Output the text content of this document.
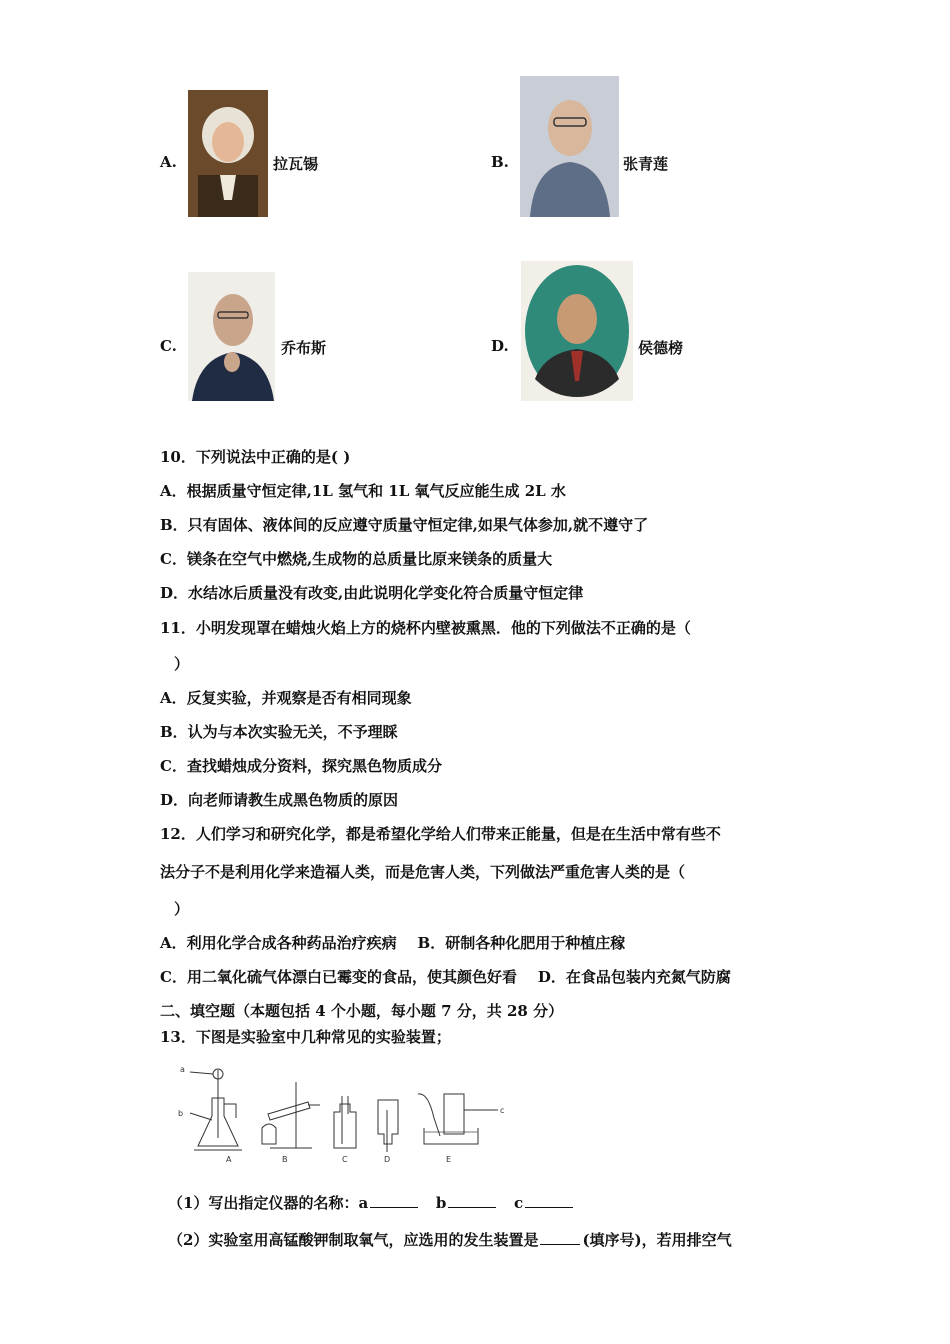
A.	拉瓦锡	B.	张青莲
C.	乔布斯	D.	侯德榜
10．下列说法中正确的是( )
A．根据质量守恒定律,1L 氢气和 1L 氧气反应能生成 2L 水
B．只有固体、液体间的反应遵守质量守恒定律,如果气体参加,就不遵守了
C．镁条在空气中燃烧,生成物的总质量比原来镁条的质量大
D．水结冰后质量没有改变,由此说明化学变化符合质量守恒定律
11．小明发现罩在蜡烛火焰上方的烧杯内壁被熏黑．他的下列做法不正确的是（
）
A．反复实验，并观察是否有相同现象
B．认为与本次实验无关，不予理睬
C．查找蜡烛成分资料，探究黑色物质成分
D．向老师请教生成黑色物质的原因
12．人们学习和研究化学，都是希望化学给人们带来正能量，但是在生活中常有些不
法分子不是利用化学来造福人类，而是危害人类，下列做法严重危害人类的是（
）
A．利用化学合成各种药品治疗疾病    B．研制各种化肥用于种植庄稼
C．用二氧化硫气体漂白已霉变的食品，使其颜色好看    D．在食品包装内充氮气防腐
二、填空题（本题包括 4 个小题，每小题 7 分，共 28 分）
13．下图是实验室中几种常见的实验装置；
a
b	c
A	B	C	D	E
（1）写出指定仪器的名称：a	b	c
（2）实验室用高锰酸钾制取氧气，应选用的发生装置是	(填序号)，若用排空气
